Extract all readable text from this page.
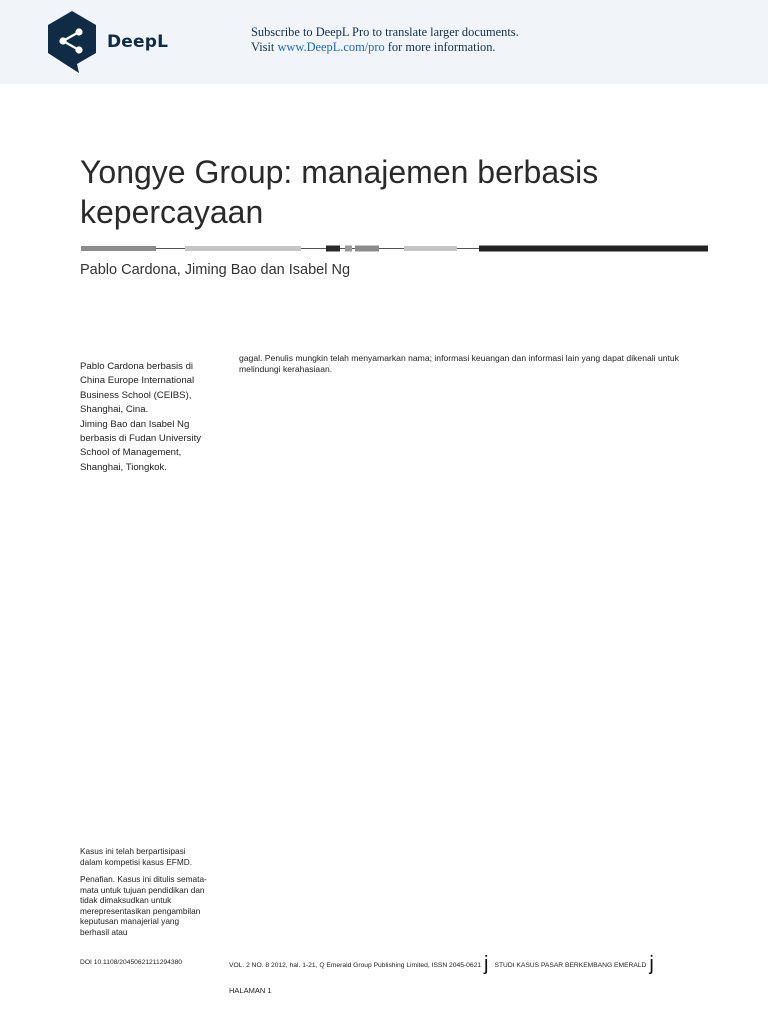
DeepL	Subscribe to DeepL Pro to translate larger documents.
Visit www.DeepL.com/pro for more information.
Yongye Group: manajemen berbasis kepercayaan
Pablo Cardona, Jiming Bao dan Isabel Ng

Pablo Cardona berbasis di China Europe International Business School (CEIBS), Shanghai, Cina.

Jiming Bao dan Isabel Ng berbasis di Fudan University School of Management, Shanghai, Tiongkok.

gagal. Penulis mungkin telah menyamarkan nama; informasi keuangan dan informasi lain yang dapat dikenali untuk melindungi kerahasiaan.

Kasus ini telah berpartisipasi dalam kompetisi kasus EFMD.

Penafian. Kasus ini ditulis semata-mata untuk tujuan pendidikan dan tidak dimaksudkan untuk merepresentasikan pengambilan keputusan manajerial yang berhasil atau

DOI 10.1108/20450621211294380	VOL. 2 NO. 8 2012, hal. 1-21, Q Emerald Group Publishing Limited, ISSN 2045-0621 j STUDI KASUS PASAR BERKEMBANG EMERALD j
HALAMAN 1
